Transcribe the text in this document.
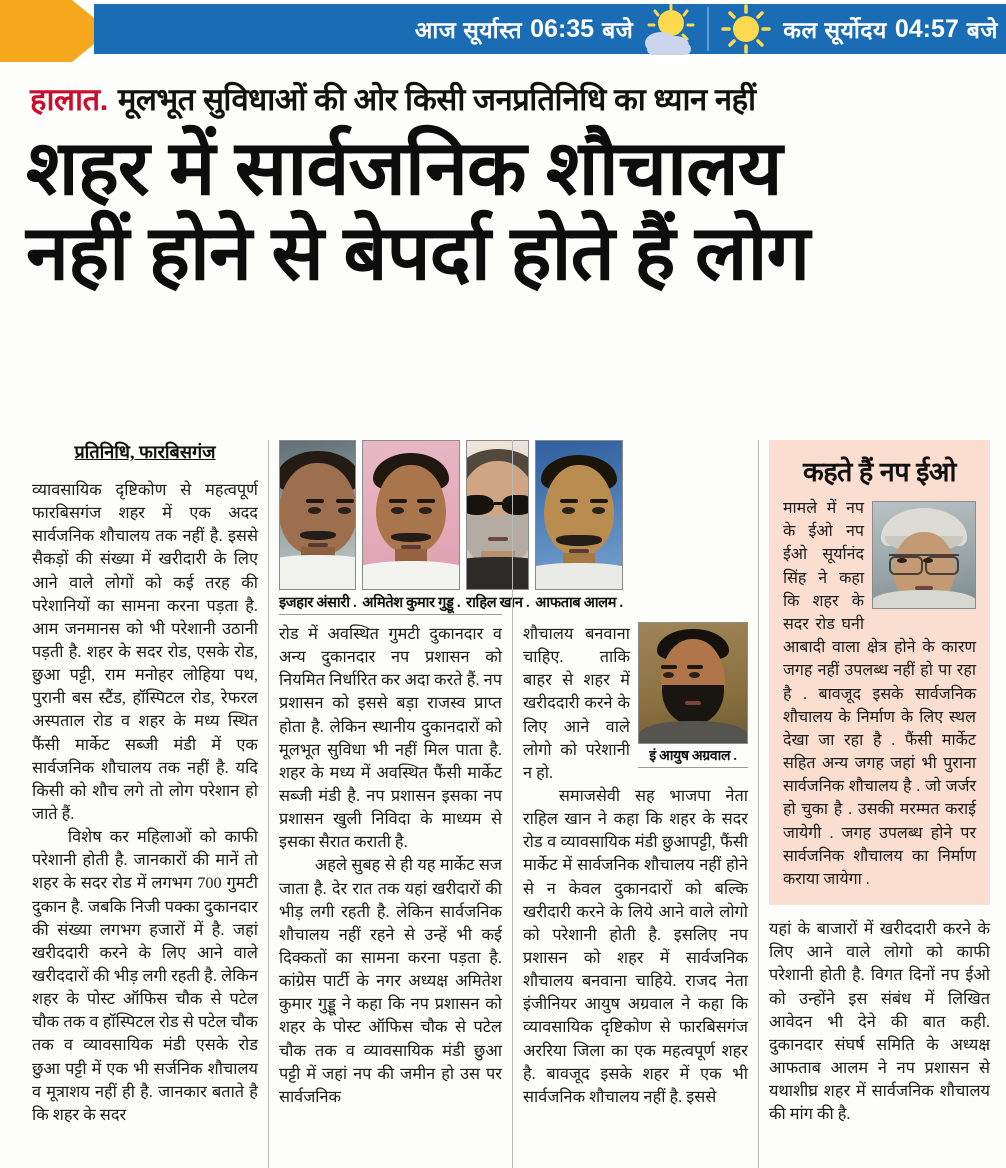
आज सूर्यास्त 06:35 बजे	कल सूर्योदय 04:57 बजे
हालात. मूलभूत सुविधाओं की ओर किसी जनप्रतिनिधि का ध्यान नहीं
शहर में सार्वजनिक शौचालय
नहीं होने से बेपर्दा होते हैं लोग
प्रतिनिधि, फारबिसगंज

व्यावसायिक दृष्टिकोण से महत्वपूर्ण फारबिसगंज शहर में एक अदद सार्वजनिक शौचालय तक नहीं है. इससे सैकड़ों की संख्या में खरीदारी के लिए आने वाले लोगों को कई तरह की परेशानियों का सामना करना पड़ता है. आम जनमानस को भी परेशानी उठानी पड़ती है. शहर के सदर रोड, एसके रोड, छुआ पट्टी, राम मनोहर लोहिया पथ, पुरानी बस स्टैंड, हॉस्पिटल रोड, रेफरल अस्पताल रोड व शहर के मध्य स्थित फैंसी मार्केट सब्जी मंडी में एक सार्वजनिक शौचालय तक नहीं है. यदि किसी को शौच लगे तो लोग परेशान हो जाते हैं.

विशेष कर महिलाओं को काफी परेशानी होती है. जानकारों की मानें तो शहर के सदर रोड में लगभग 700 गुमटी दुकान है. जबकि निजी पक्का दुकानदार की संख्या लगभग हजारों में है. जहां खरीददारी करने के लिए आने वाले खरीददारों की भीड़ लगी रहती है. लेकिन शहर के पोस्ट ऑफिस चौक से पटेल चौक तक व हॉस्पिटल रोड से पटेल चौक तक व व्यावसायिक मंडी एसके रोड छुआ पट्टी में एक भी सर्जनिक शौचालय व मूत्राशय नहीं ही है. जानकार बताते है कि शहर के सदर

इजहार अंसारी . अमितेश कुमार गुड्डू . राहिल खान . आफताब आलम .

रोड में अवस्थित गुमटी दुकानदार व अन्य दुकानदार नप प्रशासन को नियमित निर्धारित कर अदा करते हैं. नप प्रशासन को इससे बड़ा राजस्व प्राप्त होता है. लेकिन स्थानीय दुकानदारों को मूलभूत सुविधा भी नहीं मिल पाता है. शहर के मध्य में अवस्थित फैंसी मार्केट सब्जी मंडी है. नप प्रशासन इसका नप प्रशासन खुली निविदा के माध्यम से इसका सैरात कराती है.

अहले सुबह से ही यह मार्केट सज जाता है. देर रात तक यहां खरीदारों की भीड़ लगी रहती है. लेकिन सार्वजनिक शौचालय नहीं रहने से उन्हें भी कई दिक्कतों का सामना करना पड़ता है. कांग्रेस पार्टी के नगर अध्यक्ष अमितेश कुमार गुड्डू ने कहा कि नप प्रशासन को शहर के पोस्ट ऑफिस चौक से पटेल चौक तक व व्यावसायिक मंडी छुआ पट्टी में जहां नप की जमीन हो उस पर सार्वजनिक

इं आयुष अग्रवाल .

शौचालय बनवाना चाहिए. ताकि बाहर से शहर में खरीददारी करने के लिए आने वाले लोगो को परेशानी न हो.

समाजसेवी सह भाजपा नेता राहिल खान ने कहा कि शहर के सदर रोड व व्यावसायिक मंडी छुआपट्टी, फैंसी मार्केट में सार्वजनिक शौचालय नहीं होने से न केवल दुकानदारों को बल्कि खरीदारी करने के लिये आने वाले लोगो को परेशानी होती है. इसलिए नप प्रशासन को शहर में सार्वजनिक शौचालय बनवाना चाहिये. राजद नेता इंजीनियर आयुष अग्रवाल ने कहा कि व्यावसायिक दृष्टिकोण से फारबिसगंज अररिया जिला का एक महत्वपूर्ण शहर है. बावजूद इसके शहर में एक भी सार्वजनिक शौचालय नहीं है. इससे

कहते हैं नप ईओ

मामले में नप के ईओ नप ईओ सूर्यानंद सिंह ने कहा कि शहर के सदर रोड घनी आबादी वाला क्षेत्र होने के कारण जगह नहीं उपलब्ध नहीं हो पा रहा है . बावजूद इसके सार्वजनिक शौचालय के निर्माण के लिए स्थल देखा जा रहा है . फैंसी मार्केट सहित अन्य जगह जहां भी पुराना सार्वजनिक शौचालय है . जो जर्जर हो चुका है . उसकी मरम्मत कराई जायेगी . जगह उपलब्ध होने पर सार्वजनिक शौचालय का निर्माण कराया जायेगा .

यहां के बाजारों में खरीददारी करने के लिए आने वाले लोगो को काफी परेशानी होती है. विगत दिनों नप ईओ को उन्होंने इस संबंध में लिखित आवेदन भी देने की बात कही. दुकानदार संघर्ष समिति के अध्यक्ष आफताब आलम ने नप प्रशासन से यथाशीघ्र शहर में सार्वजनिक शौचालय की मांग की है.
